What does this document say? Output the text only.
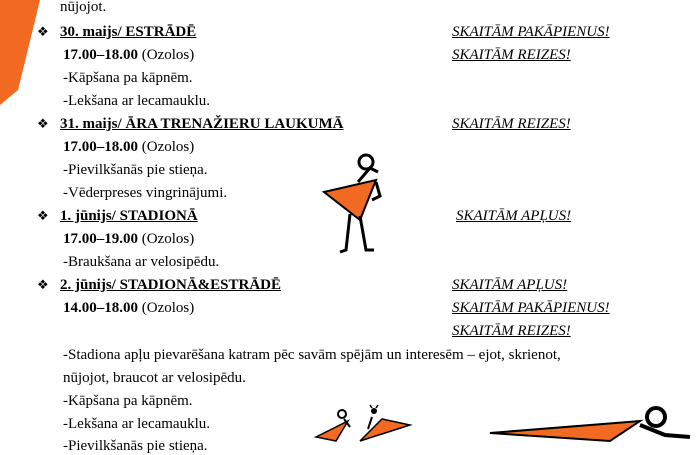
nūjojot.
❖ 30. maijs/ ESTRĀDĒ	SKAITĀM PAKĀPIENUS!
17.00–18.00 (Ozolos)	SKAITĀM REIZES!
-Kāpšana pa kāpnēm.
-Lekšana ar lecamauklu.
❖ 31. maijs/ ĀRA TRENAŽIERU LAUKUMĀ	SKAITĀM REIZES!
17.00–18.00 (Ozolos)
-Pievilkšanās pie stieņa.
-Vēderpreses vingrinājumi.
❖ 1. jūnijs/ STADIONĀ	SKAITĀM APĻUS!
17.00–19.00 (Ozolos)
-Braukšana ar velosipēdu.
❖ 2. jūnijs/ STADIONĀ&ESTRĀDĒ	SKAITĀM APĻUS!
14.00–18.00 (Ozolos)	SKAITĀM PAKĀPIENUS!
SKAITĀM REIZES!
-Stadiona apļu pievarēšana katram pēc savām spējām un interesēm – ejot, skrienot,
nūjojot, braucot ar velosipēdu.
-Kāpšana pa kāpnēm.
-Lekšana ar lecamauklu.
-Pievilkšanās pie stieņa.
